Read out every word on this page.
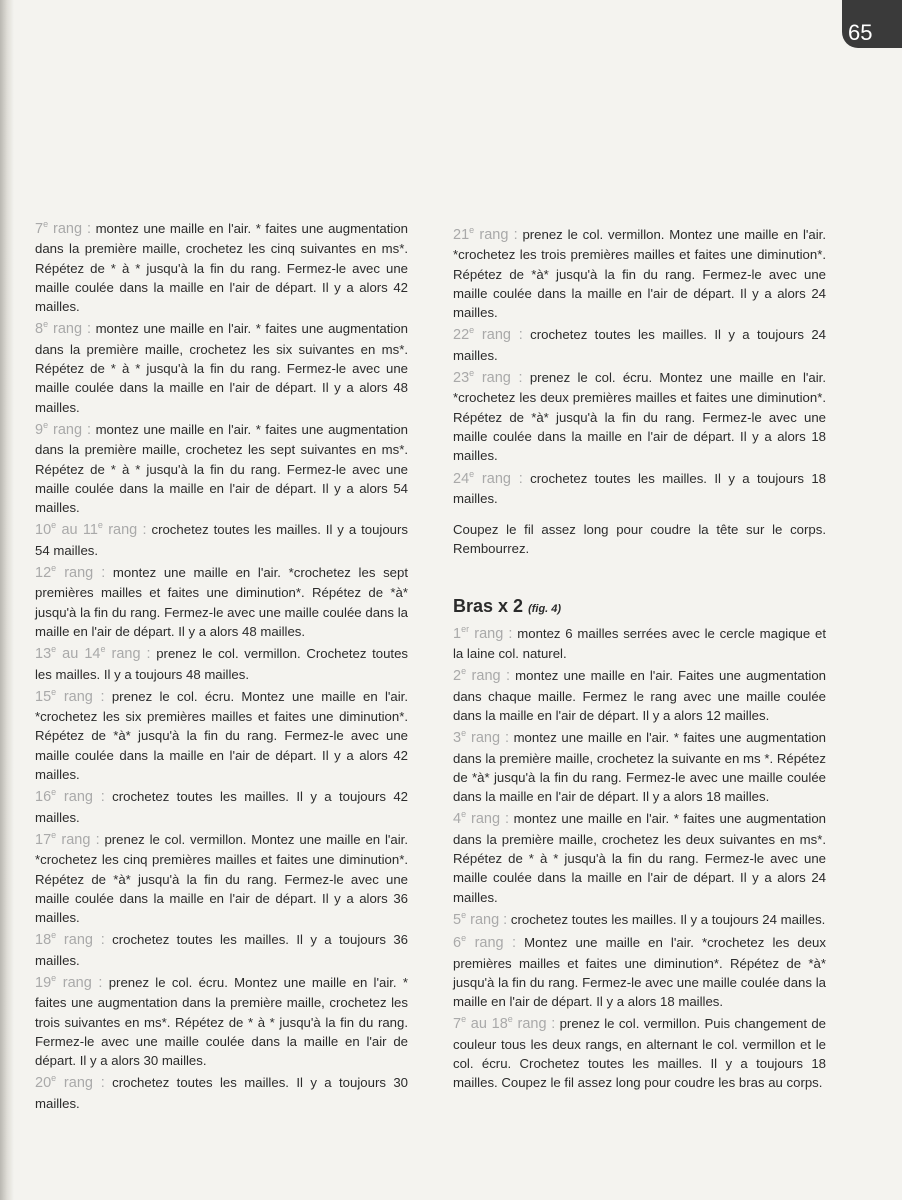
65

7e rang : montez une maille en l'air. * faites une augmentation dans la première maille, crochetez les cinq suivantes en ms*. Répétez de * à * jusqu'à la fin du rang. Fermez-le avec une maille coulée dans la maille en l'air de départ. Il y a alors 42 mailles.

8e rang : montez une maille en l'air. * faites une augmentation dans la première maille, crochetez les six suivantes en ms*. Répétez de * à * jusqu'à la fin du rang. Fermez-le avec une maille coulée dans la maille en l'air de départ. Il y a alors 48 mailles.

9e rang : montez une maille en l'air. * faites une augmentation dans la première maille, crochetez les sept suivantes en ms*. Répétez de * à * jusqu'à la fin du rang. Fermez-le avec une maille coulée dans la maille en l'air de départ. Il y a alors 54 mailles.

10e au 11e rang : crochetez toutes les mailles. Il y a toujours 54 mailles.

12e rang : montez une maille en l'air. *crochetez les sept premières mailles et faites une diminution*. Répétez de *à* jusqu'à la fin du rang. Fermez-le avec une maille coulée dans la maille en l'air de départ. Il y a alors 48 mailles.

13e au 14e rang : prenez le col. vermillon. Crochetez toutes les mailles. Il y a toujours 48 mailles.

15e rang : prenez le col. écru. Montez une maille en l'air. *crochetez les six premières mailles et faites une diminution*. Répétez de *à* jusqu'à la fin du rang. Fermez-le avec une maille coulée dans la maille en l'air de départ. Il y a alors 42 mailles.

16e rang : crochetez toutes les mailles. Il y a toujours 42 mailles.

17e rang : prenez le col. vermillon. Montez une maille en l'air. *crochetez les cinq premières mailles et faites une diminution*. Répétez de *à* jusqu'à la fin du rang. Fermez-le avec une maille coulée dans la maille en l'air de départ. Il y a alors 36 mailles.

18e rang : crochetez toutes les mailles. Il y a toujours 36 mailles.

19e rang : prenez le col. écru. Montez une maille en l'air. * faites une augmentation dans la première maille, crochetez les trois suivantes en ms*. Répétez de * à * jusqu'à la fin du rang. Fermez-le avec une maille coulée dans la maille en l'air de départ. Il y a alors 30 mailles.

20e rang : crochetez toutes les mailles. Il y a toujours 30 mailles.

21e rang : prenez le col. vermillon. Montez une maille en l'air. *crochetez les trois premières mailles et faites une diminution*. Répétez de *à* jusqu'à la fin du rang. Fermez-le avec une maille coulée dans la maille en l'air de départ. Il y a alors 24 mailles.

22e rang : crochetez toutes les mailles. Il y a toujours 24 mailles.

23e rang : prenez le col. écru. Montez une maille en l'air. *crochetez les deux premières mailles et faites une diminution*. Répétez de *à* jusqu'à la fin du rang. Fermez-le avec une maille coulée dans la maille en l'air de départ. Il y a alors 18 mailles.

24e rang : crochetez toutes les mailles. Il y a toujours 18 mailles.

Coupez le fil assez long pour coudre la tête sur le corps. Rembourrez.

Bras x 2 (fig. 4)

1er rang : montez 6 mailles serrées avec le cercle magique et la laine col. naturel.

2e rang : montez une maille en l'air. Faites une augmentation dans chaque maille. Fermez le rang avec une maille coulée dans la maille en l'air de départ. Il y a alors 12 mailles.

3e rang : montez une maille en l'air. * faites une augmentation dans la première maille, crochetez la suivante en ms *. Répétez de *à* jusqu'à la fin du rang. Fermez-le avec une maille coulée dans la maille en l'air de départ. Il y a alors 18 mailles.

4e rang : montez une maille en l'air. * faites une augmentation dans la première maille, crochetez les deux suivantes en ms*. Répétez de * à * jusqu'à la fin du rang. Fermez-le avec une maille coulée dans la maille en l'air de départ. Il y a alors 24 mailles.

5e rang : crochetez toutes les mailles. Il y a toujours 24 mailles.

6e rang : Montez une maille en l'air. *crochetez les deux premières mailles et faites une diminution*. Répétez de *à* jusqu'à la fin du rang. Fermez-le avec une maille coulée dans la maille en l'air de départ. Il y a alors 18 mailles.

7e au 18e rang : prenez le col. vermillon. Puis changement de couleur tous les deux rangs, en alternant le col. vermillon et le col. écru. Crochetez toutes les mailles. Il y a toujours 18 mailles. Coupez le fil assez long pour coudre les bras au corps.
